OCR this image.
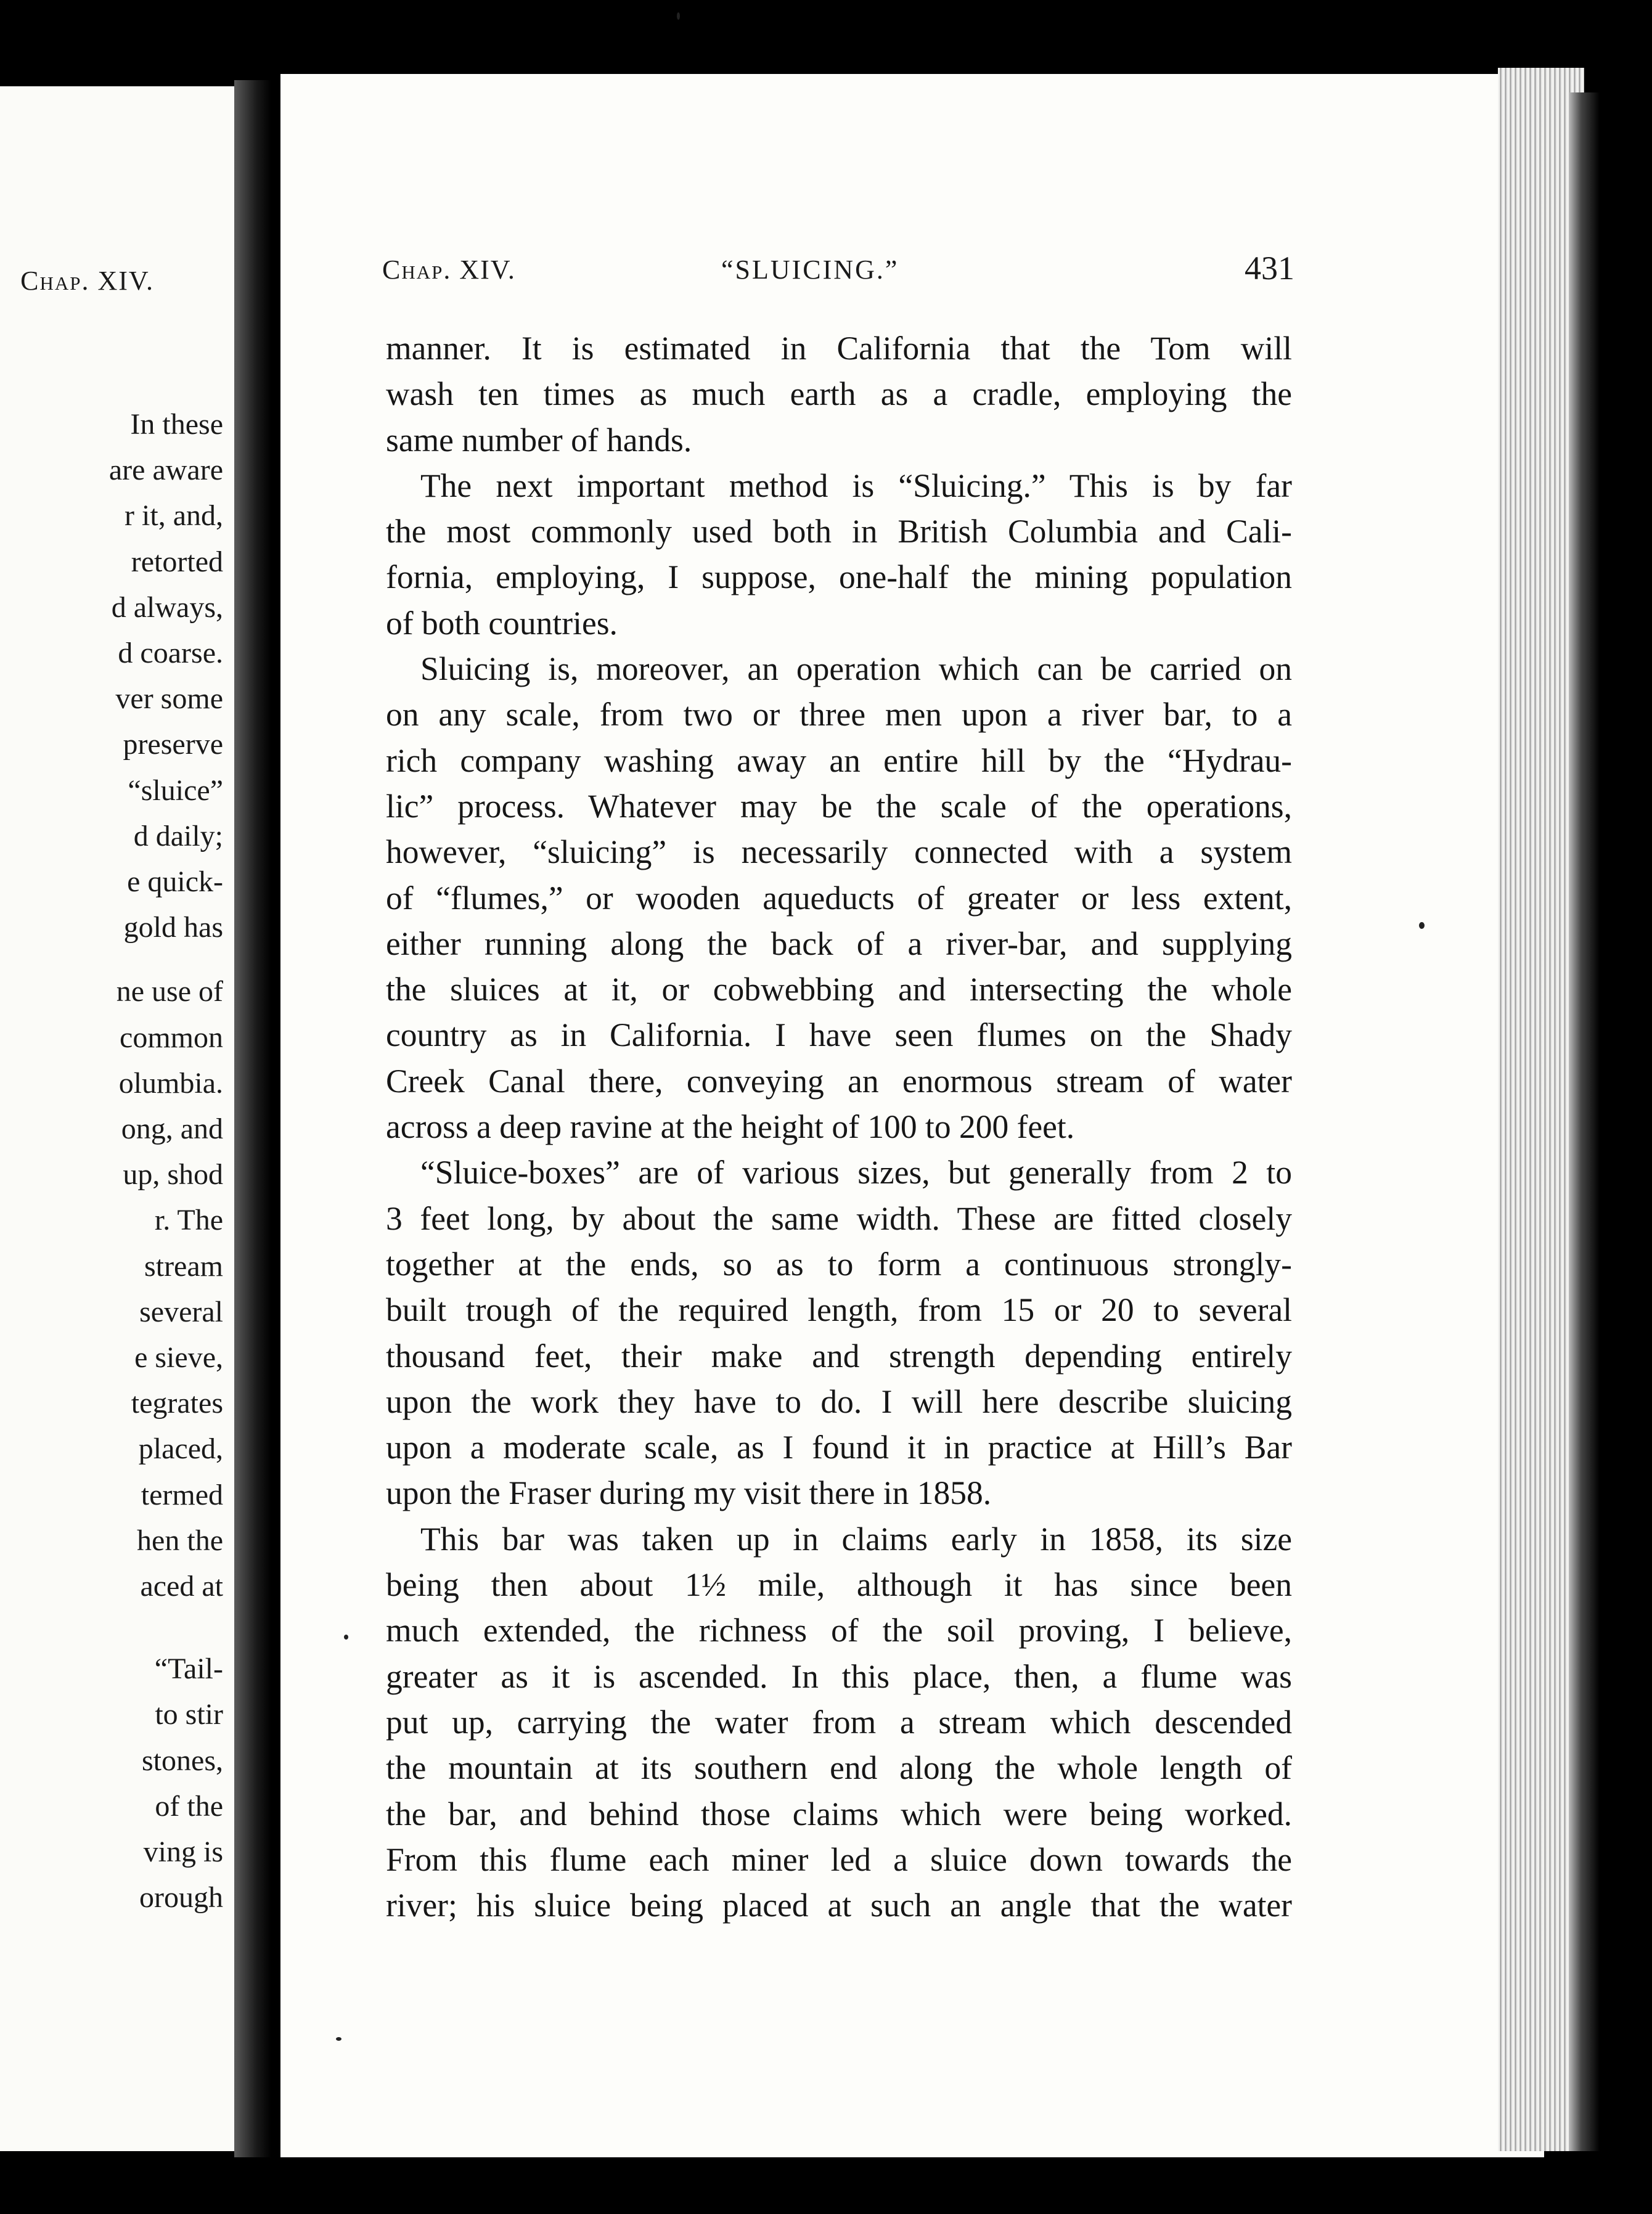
Chap. XIV.
In these
are aware
r it, and,
retorted
d always,
d coarse.
ver some
preserve
“sluice”
d daily;
e quick-
gold has
ne use of
common
olumbia.
ong, and
up, shod
r. The
stream
several
e sieve,
tegrates
placed,
termed
hen the
aced at
“Tail-
to stir
stones,
of the
ving is
orough
Chap. XIV.	“SLUICING.”	431
manner. It is estimated in California that the Tom will
wash ten times as much earth as a cradle, employing the
same number of hands.
The next important method is “Sluicing.” This is by far
the most commonly used both in British Columbia and Cali-
fornia, employing, I suppose, one-half the mining population
of both countries.
Sluicing is, moreover, an operation which can be carried on
on any scale, from two or three men upon a river bar, to a
rich company washing away an entire hill by the “Hydrau-
lic” process. Whatever may be the scale of the operations,
however, “sluicing” is necessarily connected with a system
of “flumes,” or wooden aqueducts of greater or less extent,
either running along the back of a river-bar, and supplying
the sluices at it, or cobwebbing and intersecting the whole
country as in California. I have seen flumes on the Shady
Creek Canal there, conveying an enormous stream of water
across a deep ravine at the height of 100 to 200 feet.
“Sluice-boxes” are of various sizes, but generally from 2 to
3 feet long, by about the same width. These are fitted closely
together at the ends, so as to form a continuous strongly-
built trough of the required length, from 15 or 20 to several
thousand feet, their make and strength depending entirely
upon the work they have to do. I will here describe sluicing
upon a moderate scale, as I found it in practice at Hill’s Bar
upon the Fraser during my visit there in 1858.
This bar was taken up in claims early in 1858, its size
being then about 1½ mile, although it has since been
much extended, the richness of the soil proving, I believe,
greater as it is ascended. In this place, then, a flume was
put up, carrying the water from a stream which descended
the mountain at its southern end along the whole length of
the bar, and behind those claims which were being worked.
From this flume each miner led a sluice down towards the
river; his sluice being placed at such an angle that the water
